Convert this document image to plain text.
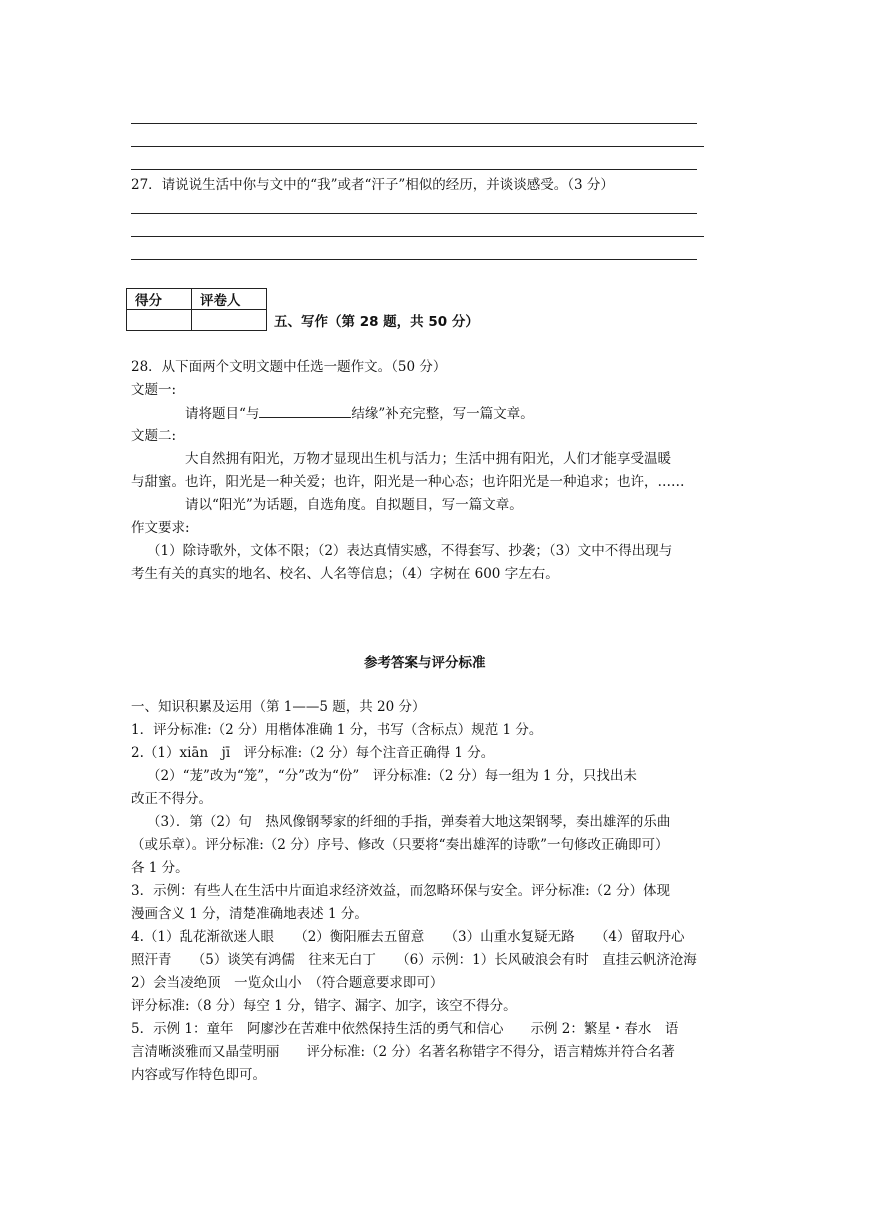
27．请说说生活中你与文中的“我”或者“汗子”相似的经历，并谈谈感受。（3 分）
得分	评卷人

五、写作（第 28 题，共 50 分）
28．从下面两个文明文题中任选一题作文。（50 分）
文题一:
请将题目“与	结缘”补充完整，写一篇文章。
文题二:
大自然拥有阳光，万物才显现出生机与活力；生活中拥有阳光，人们才能享受温暖
与甜蜜。也许，阳光是一种关爱；也许，阳光是一种心态；也许阳光是一种追求；也许，……
请以“阳光”为话题，自选角度。自拟题目，写一篇文章。
作文要求:
（1）除诗歌外，文体不限；（2）表达真情实感，不得套写、抄袭；（3）文中不得出现与
考生有关的真实的地名、校名、人名等信息；（4）字树在 600 字左右。
参考答案与评分标准
一、知识积累及运用（第 1——5 题，共 20 分）
1．评分标准:（2 分）用楷体准确 1 分，书写（含标点）规范 1 分。
2.（1）xiān　jī　评分标准:（2 分）每个注音正确得 1 分。
（2）“茏”改为“笼”，“分”改为“份”　评分标准:（2 分）每一组为 1 分，只找出未
改正不得分。
（3）．第（2）句　热风像钢琴家的纤细的手指，弹奏着大地这架钢琴，奏出雄浑的乐曲
（或乐章）。评分标准:（2 分）序号、修改（只要将“奏出雄浑的诗歌”一句修改正确即可）
各 1 分。
3．示例：有些人在生活中片面追求经济效益，而忽略环保与安全。评分标准:（2 分）体现
漫画含义 1 分，清楚准确地表述 1 分。
4.（1）乱花渐欲迷人眼　　（2）衡阳雁去五留意　　（3）山重水复疑无路　　（4）留取丹心
照汗青　　（5）谈笑有鸿儒　往来无白丁　　（6）示例：1）长风破浪会有时　直挂云帆济沧海
2）会当凌绝顶　一览众山小　（符合题意要求即可）
评分标准:（8 分）每空 1 分，错字、漏字、加字，该空不得分。
5．示例 1：童年　阿廖沙在苦难中依然保持生活的勇气和信心　　示例 2：繁星・春水　语
言清晰淡雅而又晶莹明丽　　评分标准:（2 分）名著名称错字不得分，语言精炼并符合名著
内容或写作特色即可。
